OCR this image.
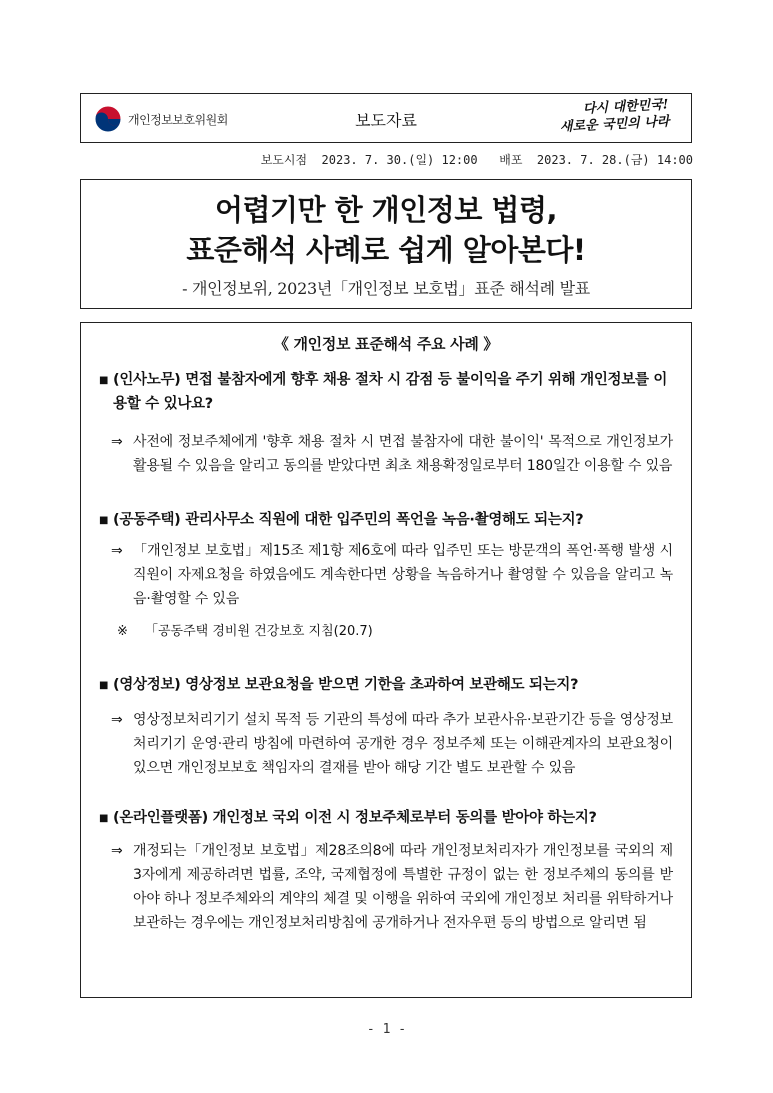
개인정보보호위원회	보도자료
다시 대한민국!
새로운 국민의 나라
보도시점  2023. 7. 30.(일) 12:00   배포  2023. 7. 28.(금) 14:00
어렵기만 한 개인정보 법령,
표준해석 사례로 쉽게 알아본다!
- 개인정보위, 2023년「개인정보 보호법」표준 해석례 발표
《 개인정보 표준해석 주요 사례 》
■ (인사노무) 면접 불참자에게 향후 채용 절차 시 감점 등 불이익을 주기 위해 개인정보를 이용할 수 있나요?
⇒ 사전에 정보주체에게 '향후 채용 절차 시 면접 불참자에 대한 불이익' 목적으로 개인정보가 활용될 수 있음을 알리고 동의를 받았다면 최초 채용확정일로부터 180일간 이용할 수 있음
■ (공동주택) 관리사무소 직원에 대한 입주민의 폭언을 녹음·촬영해도 되는지?
⇒ 「개인정보 보호법」제15조 제1항 제6호에 따라 입주민 또는 방문객의 폭언·폭행 발생 시 직원이 자제요청을 하였음에도 계속한다면 상황을 녹음하거나 촬영할 수 있음을 알리고 녹음·촬영할 수 있음
※	「공동주택 경비원 건강보호 지침(20.7)
■ (영상정보) 영상정보 보관요청을 받으면 기한을 초과하여 보관해도 되는지?
⇒ 영상정보처리기기 설치 목적 등 기관의 특성에 따라 추가 보관사유·보관기간 등을 영상정보처리기기 운영·관리 방침에 마련하여 공개한 경우 정보주체 또는 이해관계자의 보관요청이 있으면 개인정보보호 책임자의 결재를 받아 해당 기간 별도 보관할 수 있음
■ (온라인플랫폼) 개인정보 국외 이전 시 정보주체로부터 동의를 받아야 하는지?
⇒ 개정되는「개인정보 보호법」제28조의8에 따라 개인정보처리자가 개인정보를 국외의 제3자에게 제공하려면 법률, 조약, 국제협정에 특별한 규정이 없는 한 정보주체의 동의를 받아야 하나 정보주체와의 계약의 체결 및 이행을 위하여 국외에 개인정보 처리를 위탁하거나 보관하는 경우에는 개인정보처리방침에 공개하거나 전자우편 등의 방법으로 알리면 됨
- 1 -
